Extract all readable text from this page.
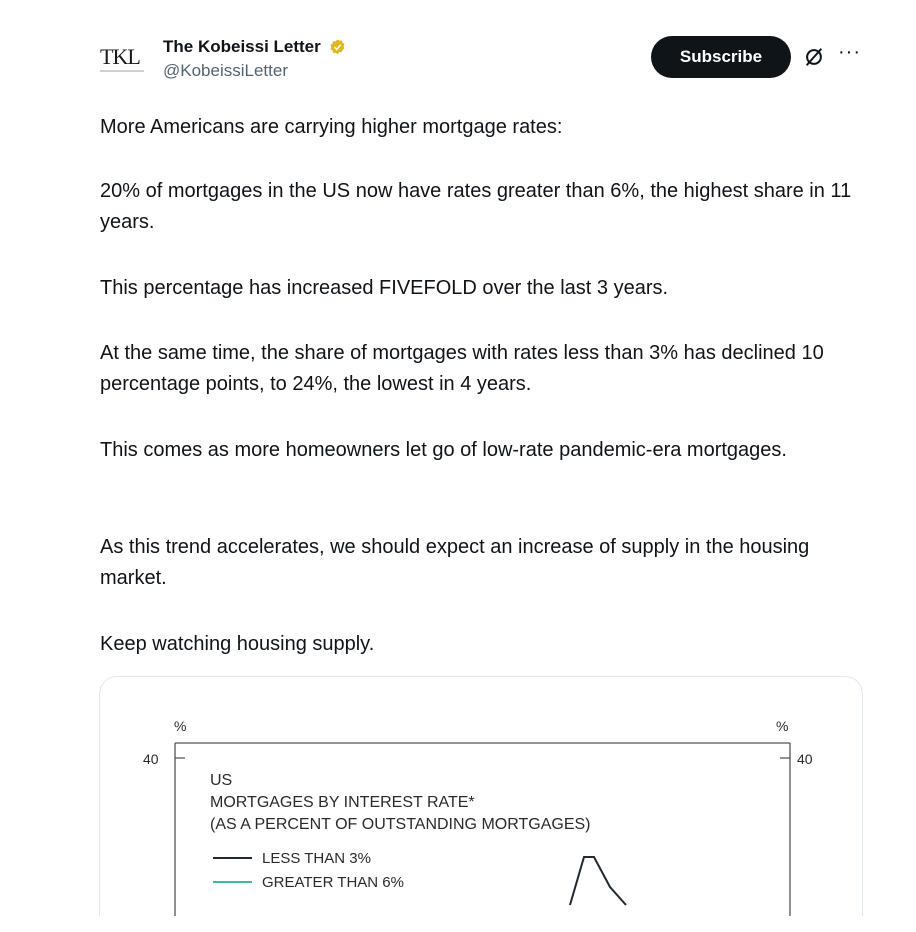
TKL	The Kobeissi Letter
@KobeissiLetter
Subscribe	···

More Americans are carrying higher mortgage rates:

20% of mortgages in the US now have rates greater than 6%, the highest share in 11 years.

This percentage has increased FIVEFOLD over the last 3 years.

At the same time, the share of mortgages with rates less than 3% has declined 10 percentage points, to 24%, the lowest in 4 years.

This comes as more homeowners let go of low-rate pandemic-era mortgages.

As this trend accelerates, we should expect an increase of supply in the housing market.

Keep watching housing supply.

%	%
40	40
US
MORTGAGES BY INTEREST RATE*
(AS A PERCENT OF OUTSTANDING MORTGAGES)
LESS THAN 3%
GREATER THAN 6%
